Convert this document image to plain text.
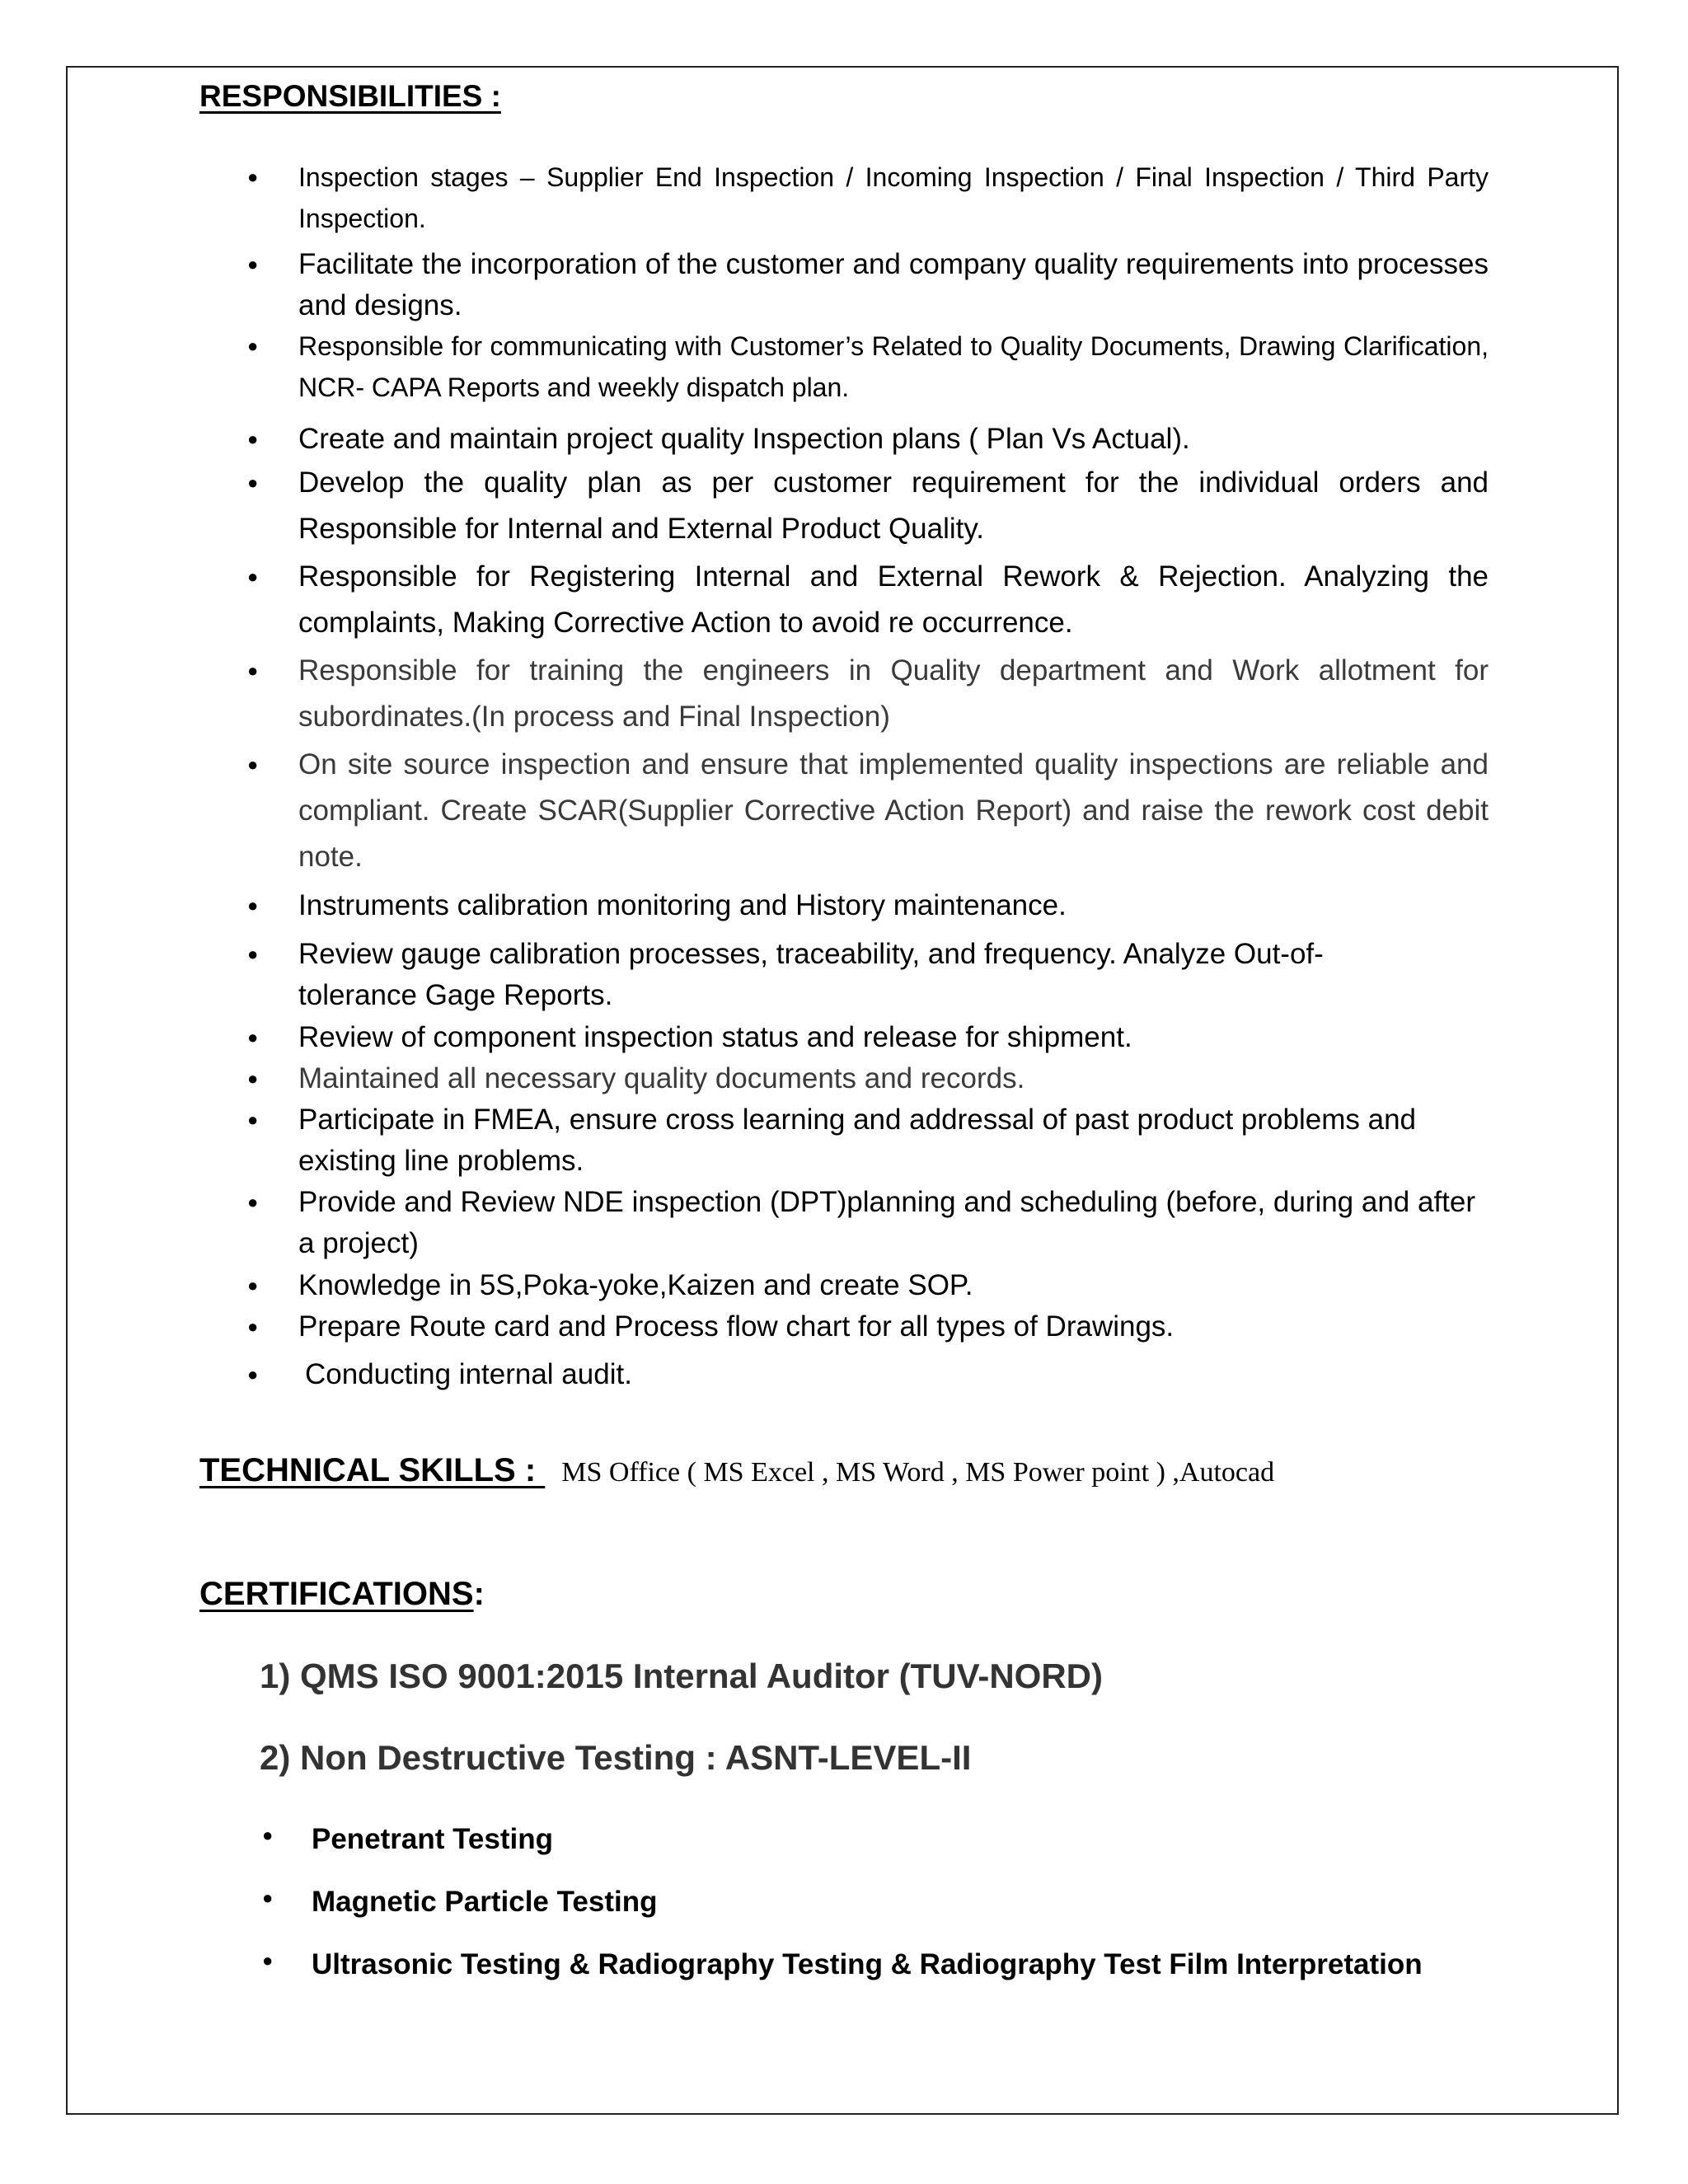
RESPONSIBILITIES :
● Inspection stages – Supplier End Inspection / Incoming Inspection / Final Inspection / Third Party Inspection.
● Facilitate the incorporation of the customer and company quality requirements into processes and designs.
● Responsible for communicating with Customer’s Related to Quality Documents, Drawing Clarification, NCR- CAPA Reports and weekly dispatch plan.
● Create and maintain project quality Inspection plans ( Plan Vs Actual).
● Develop the quality plan as per customer requirement for the individual orders and Responsible for Internal and External Product Quality.
● Responsible for Registering Internal and External Rework & Rejection. Analyzing the complaints, Making Corrective Action to avoid re occurrence.
● Responsible for training the engineers in Quality department and Work allotment for subordinates.(In process and Final Inspection)
● On site source inspection and ensure that implemented quality inspections are reliable and compliant. Create SCAR(Supplier Corrective Action Report) and raise the rework cost debit note.
● Instruments calibration monitoring and History maintenance.
● Review gauge calibration processes, traceability, and frequency. Analyze Out-of-tolerance Gage Reports.
● Review of component inspection status and release for shipment.
● Maintained all necessary quality documents and records.
● Participate in FMEA, ensure cross learning and addressal of past product problems and existing line problems.
● Provide and Review NDE inspection (DPT)planning and scheduling (before, during and after a project)
● Knowledge in 5S,Poka-yoke,Kaizen and create SOP.
● Prepare Route card and Process flow chart for all types of Drawings.
● Conducting internal audit.
TECHNICAL SKILLS : MS Office ( MS Excel , MS Word , MS Power point ) ,Autocad
CERTIFICATIONS:
1) QMS ISO 9001:2015 Internal Auditor (TUV-NORD)
2) Non Destructive Testing : ASNT-LEVEL-II
● Penetrant Testing
● Magnetic Particle Testing
● Ultrasonic Testing & Radiography Testing & Radiography Test Film Interpretation
